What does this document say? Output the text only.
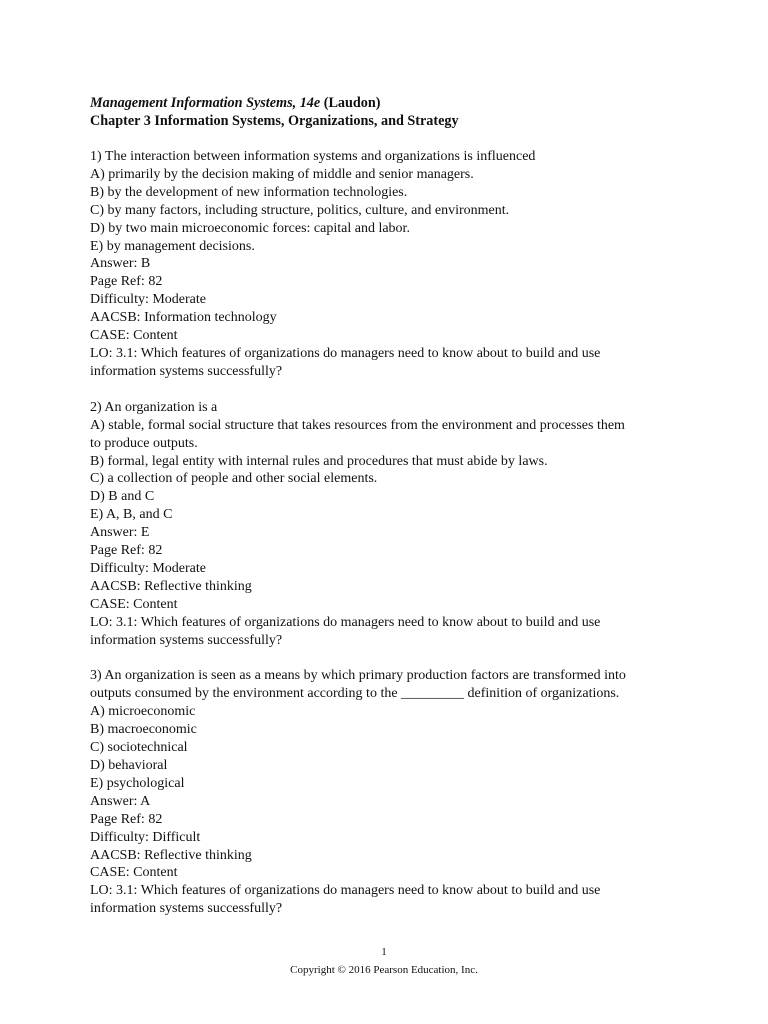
Management Information Systems, 14e (Laudon)
Chapter 3 Information Systems, Organizations, and Strategy
1) The interaction between information systems and organizations is influenced
A) primarily by the decision making of middle and senior managers.
B) by the development of new information technologies.
C) by many factors, including structure, politics, culture, and environment.
D) by two main microeconomic forces: capital and labor.
E) by management decisions.
Answer: B
Page Ref: 82
Difficulty: Moderate
AACSB: Information technology
CASE: Content
LO: 3.1: Which features of organizations do managers need to know about to build and use
information systems successfully?
2) An organization is a
A) stable, formal social structure that takes resources from the environment and processes them
to produce outputs.
B) formal, legal entity with internal rules and procedures that must abide by laws.
C) a collection of people and other social elements.
D) B and C
E) A, B, and C
Answer: E
Page Ref: 82
Difficulty: Moderate
AACSB: Reflective thinking
CASE: Content
LO: 3.1: Which features of organizations do managers need to know about to build and use
information systems successfully?
3) An organization is seen as a means by which primary production factors are transformed into
outputs consumed by the environment according to the _________ definition of organizations.
A) microeconomic
B) macroeconomic
C) sociotechnical
D) behavioral
E) psychological
Answer: A
Page Ref: 82
Difficulty: Difficult
AACSB: Reflective thinking
CASE: Content
LO: 3.1: Which features of organizations do managers need to know about to build and use
information systems successfully?
1
Copyright © 2016 Pearson Education, Inc.
